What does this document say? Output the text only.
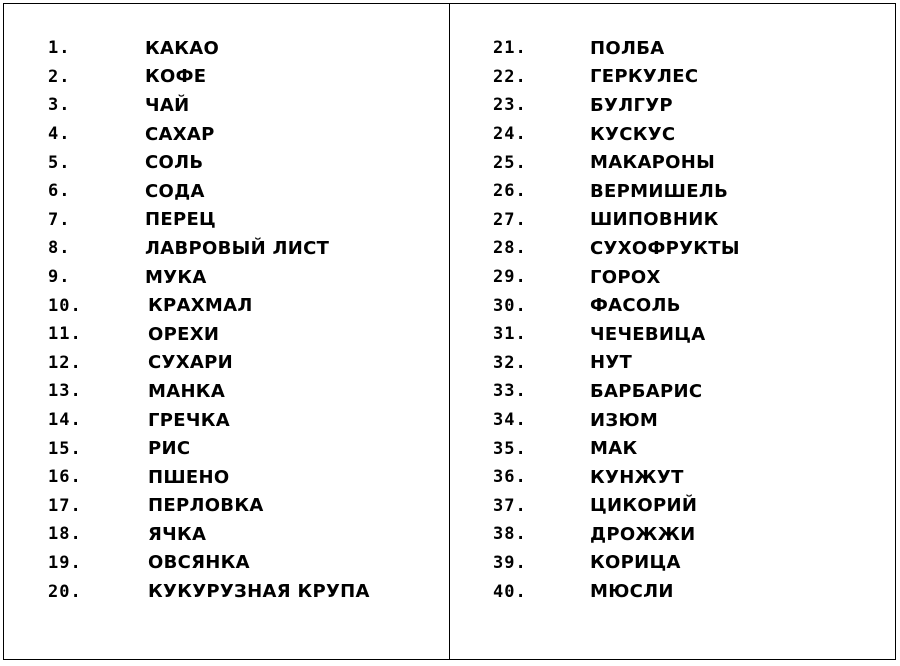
1.	КАКАО
2.	КОФЕ
3.	ЧАЙ
4.	САХАР
5.	СОЛЬ
6.	СОДА
7.	ПЕРЕЦ
8.	ЛАВРОВЫЙ ЛИСТ
9.	МУКА
10.	КРАХМАЛ
11.	ОРЕХИ
12.	СУХАРИ
13.	МАНКА
14.	ГРЕЧКА
15.	РИС
16.	ПШЕНО
17.	ПЕРЛОВКА
18.	ЯЧКА
19.	ОВСЯНКА
20.	КУКУРУЗНАЯ КРУПА
21.	ПОЛБА
22.	ГЕРКУЛЕС
23.	БУЛГУР
24.	КУСКУС
25.	МАКАРОНЫ
26.	ВЕРМИШЕЛЬ
27.	ШИПОВНИК
28.	СУХОФРУКТЫ
29.	ГОРОХ
30.	ФАСОЛЬ
31.	ЧЕЧЕВИЦА
32.	НУТ
33.	БАРБАРИС
34.	ИЗЮМ
35.	МАК
36.	КУНЖУТ
37.	ЦИКОРИЙ
38.	ДРОЖЖИ
39.	КОРИЦА
40.	МЮСЛИ
